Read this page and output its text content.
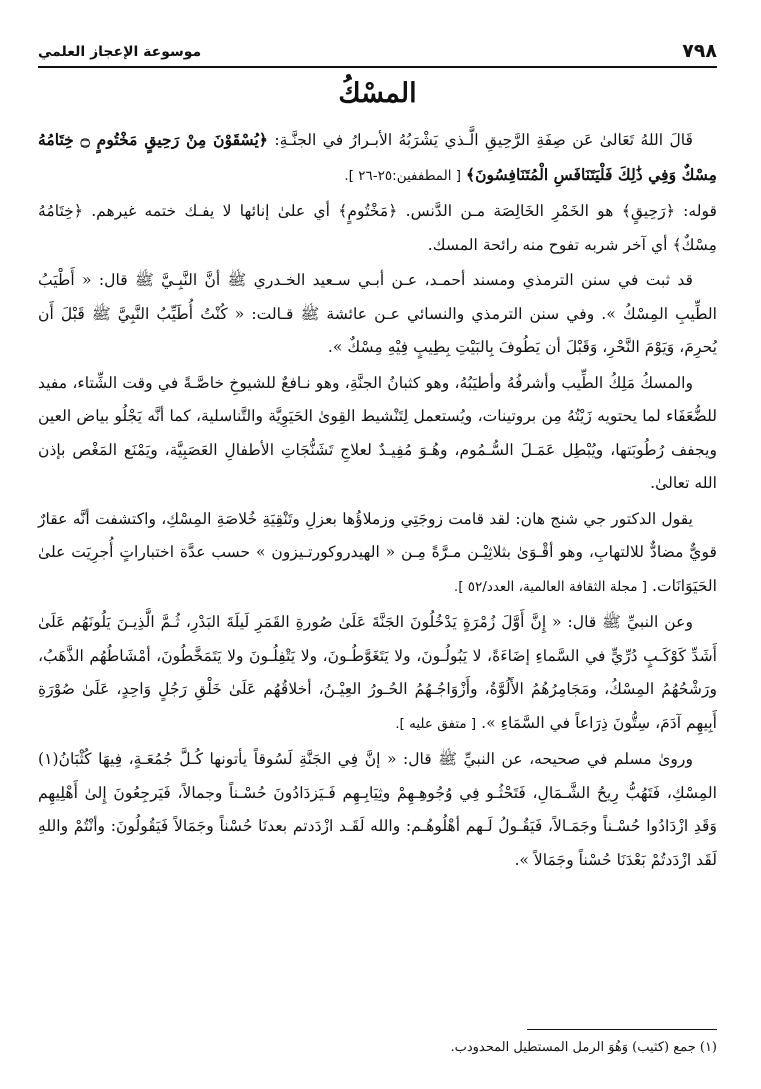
٧٩٨
موسوعة الإعجاز العلمي
المسْكُ

قَالَ اللهُ تَعَالىٰ عَن صِفَةِ الرَّحِيقِ الَّـذي يَشْرَبُهُ الأبـرارُ في الجنَّـةِ: ﴿يُسْقَوْنَ مِنْ رَحِيقٍ مَخْتُومٍ ۝ خِتَامُهُ مِسْكٌ وَفِي ذَٰلِكَ فَلْيَتَنَافَسِ الْمُتَنَافِسُونَ﴾ [ المطففين:٢٥-٢٦ ].

قوله: ﴿رَحِيقٍ﴾ هو الخَمْرِ الخَالِصَة مـن الدَّنس. ﴿مَخْتُومٍ﴾ أي علىٰ إنائها لا يفـك ختمه غيرهم. ﴿خِتَامُهُ مِسْكٌ﴾ أي آخر شربه تفوح منه رائحة المسك.

قد ثبت في سنن الترمذي ومسند أحمـد، عـن أبـي سـعيد الخـدري ﷺ أنَّ النَّبِـيَّ ﷺ قال: « أَطْيَبُ الطِّيبِ المِسْكُ ». وفي سنن الترمذي والنسائي عـن عائشة ﷺ قـالت: « كُنْتُ أُطَيِّبُ النَّبِيَّ ﷺ قَبْلَ أَن يُحرِمَ، وَيَوْمَ النَّحْرِ، وَقَبْلَ أن يَطُوفَ بِالبَيْتِ بِطِيبٍ فِيْهِ مِسْكٌ ».

والمسكُ مَلِكُ الطِّيب وأشرفُهُ وأطيَبُهُ، وهو كثبانُ الجنَّةِ، وهو نـافعٌ للشيوخِ خاصَّـةً في وقت الشِّتاء، مفيد للضُّعَفَاء لما يحتويه زَيْتُهُ مِن بروتينات، ويُستعمل لِتَنْشيط القِوىٰ الحَيَوِيَّة والتَّناسلية، كما أنَّه يَجْلُو بياض العين ويجفف رُطُوبَتها، ويُبْطِل عَمَـلَ السُّـمُوم، وهُـوَ مُفِيـدٌ لعلاجِ تَشَنُّجَاتِ الأطفالِ العَصَبِيَّة، ويَمْنَع المَغْص بإذن الله تعالىٰ.

يقول الدكتور جي شنج هان: لقد قامت زوجَتِي وزملاؤُها بعزلِ وتَنْقِيَةِ خُلاصَةِ المِسْكِ، واكتشفت أنَّه عقارٌ قويٌّ مضادٌّ للالتهابِ، وهو أقْـوَىٰ بثلاثِيْـن مـرَّةً مِـن « الهيدروكورتـيزون » حسب عدَّة اختباراتٍ أُجرِيَت علىٰ الحَيَوَانَات. [ مجلة الثقافة العالمية، العدد/٥٢ ].

وعن النبيِّ ﷺ قال: « إِنَّ أَوَّلَ زُمْرَةٍ يَدْخُلُونَ الجَنَّةَ عَلَىٰ صُورةِ القَمَرِ لَيلَةَ البَدْرِ، ثُـمَّ الَّذِيـنَ يَلُونَهُم عَلَىٰ أَشَدِّ كَوْكَـبٍ دُرِّيٍّ في السَّماءِ إضَاءَةً، لا يَبُولُـونَ، ولا يَتَغَوَّطُـونَ، ولا يَتْفِلُـونَ ولا يَتَمَخَّطُونَ، أمْشَاطُهُم الذَّهَبُ، ورَشْحُهُمُ المِسْكُ، ومَجَامِرُهُمُ الأَلُوَّةُ، وأَزْوَاجُـهُمُ الحُـورُ العِيْـنُ، أخلاقُهُم عَلَىٰ خَلْقِ رَجُلٍ وَاحِدٍ، عَلَىٰ صُوْرَةِ أَبِيهِم آدَمَ، سِتُّونَ ذِرَاعاً في السَّمَاءِ ». [ متفق عليه ].

ورویٰ مسلم في صحيحه، عن النبيِّ ﷺ قال: « إنَّ فِي الجَنَّةِ لَسُوقاً يأتونها كُـلَّ جُمُعَـةٍ، فِيهَا كُثْبَانُ(١) المِسْكِ، فَتَهُبُّ رِيحُ الشَّـمَالِ، فَتَحْثُـو فِي وُجُوهِـهِمْ وثِيَابِـهِم فَـيَزدَادُونَ حُسْـناً وجمالاً، فَيَرجِعُونَ إِلىٰ أَهْلِيهِم وَقَدِ ازْدَادُوا حُسْـناً وجَمَـالاً، فَيَقُـولُ لَـهم أهْلُوهُـم: والله لَقَـد ازْدَدتم بعدنَا حُسْناً وجَمَالاً فَيَقُولُونَ: وأنْتُمْ واللهِ لَقَد ازْدَدتُمْ بَعْدَنَا حُسْناً وجَمَالاً ».

(١) جمع (كثيب) وَهُوَ الرمل المستطيل المحدودب.
